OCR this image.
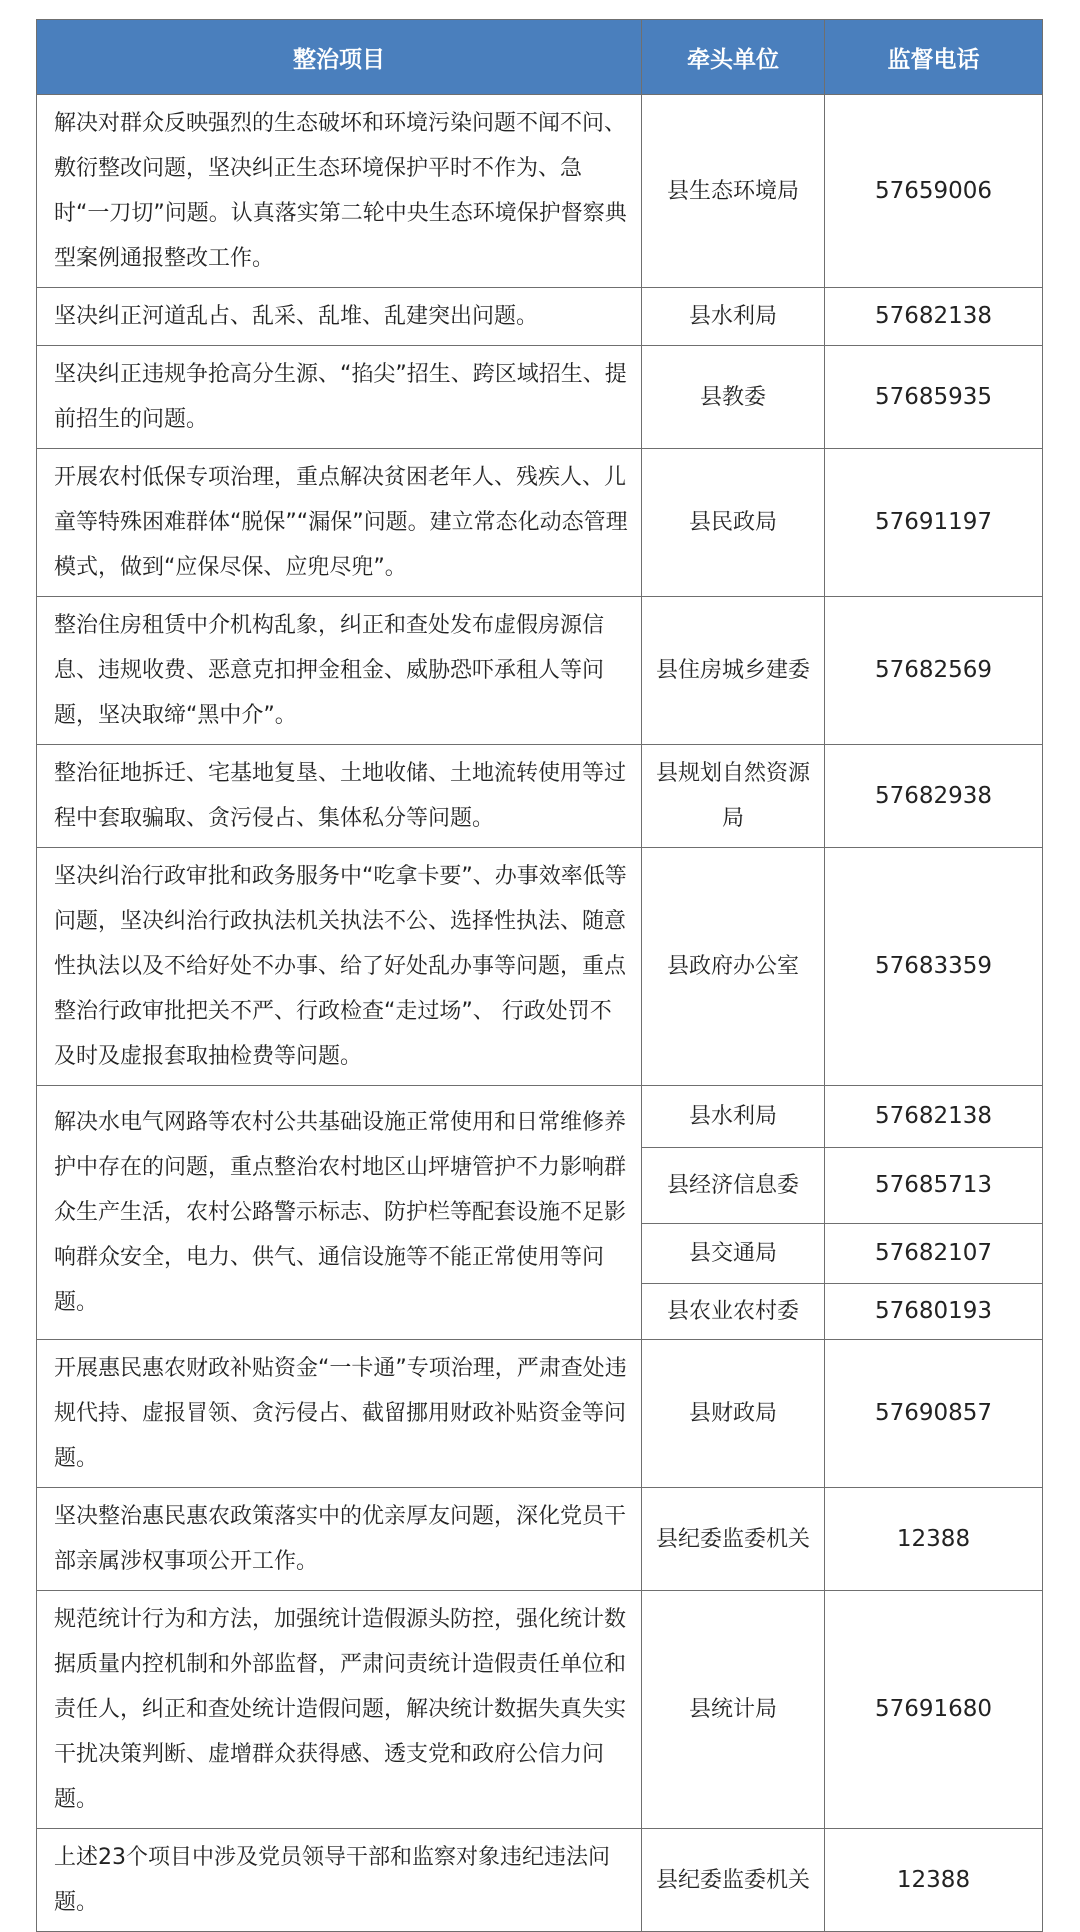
整治项目	牵头单位	监督电话
解决对群众反映强烈的生态破坏和环境污染问题不闻不问、敷衍整改问题，坚决纠正生态环境保护平时不作为、急时“一刀切”问题。认真落实第二轮中央生态环境保护督察典型案例通报整改工作。	县生态环境局	57659006
坚决纠正河道乱占、乱采、乱堆、乱建突出问题。	县水利局	57682138
坚决纠正违规争抢高分生源、“掐尖”招生、跨区域招生、提前招生的问题。	县教委	57685935
开展农村低保专项治理，重点解决贫困老年人、残疾人、儿童等特殊困难群体“脱保”“漏保”问题。建立常态化动态管理模式，做到“应保尽保、应兜尽兜”。	县民政局	57691197
整治住房租赁中介机构乱象，纠正和查处发布虚假房源信息、违规收费、恶意克扣押金租金、威胁恐吓承租人等问题，坚决取缔“黑中介”。	县住房城乡建委	57682569
整治征地拆迁、宅基地复垦、土地收储、土地流转使用等过程中套取骗取、贪污侵占、集体私分等问题。	县规划自然资源局	57682938
坚决纠治行政审批和政务服务中“吃拿卡要”、办事效率低等问题，坚决纠治行政执法机关执法不公、选择性执法、随意性执法以及不给好处不办事、给了好处乱办事等问题，重点整治行政审批把关不严、行政检查“走过场”、 行政处罚不及时及虚报套取抽检费等问题。	县政府办公室	57683359
解决水电气网路等农村公共基础设施正常使用和日常维修养护中存在的问题，重点整治农村地区山坪塘管护不力影响群众生产生活，农村公路警示标志、防护栏等配套设施不足影响群众安全，电力、供气、通信设施等不能正常使用等问题。	县水利局	57682138
	县经济信息委	57685713
	县交通局	57682107
	县农业农村委	57680193
开展惠民惠农财政补贴资金“一卡通”专项治理，严肃查处违规代持、虚报冒领、贪污侵占、截留挪用财政补贴资金等问题。	县财政局	57690857
坚决整治惠民惠农政策落实中的优亲厚友问题，深化党员干部亲属涉权事项公开工作。	县纪委监委机关	12388
规范统计行为和方法，加强统计造假源头防控，强化统计数据质量内控机制和外部监督，严肃问责统计造假责任单位和责任人，纠正和查处统计造假问题，解决统计数据失真失实干扰决策判断、虚增群众获得感、透支党和政府公信力问题。	县统计局	57691680
上述23个项目中涉及党员领导干部和监察对象违纪违法问题。	县纪委监委机关	12388
